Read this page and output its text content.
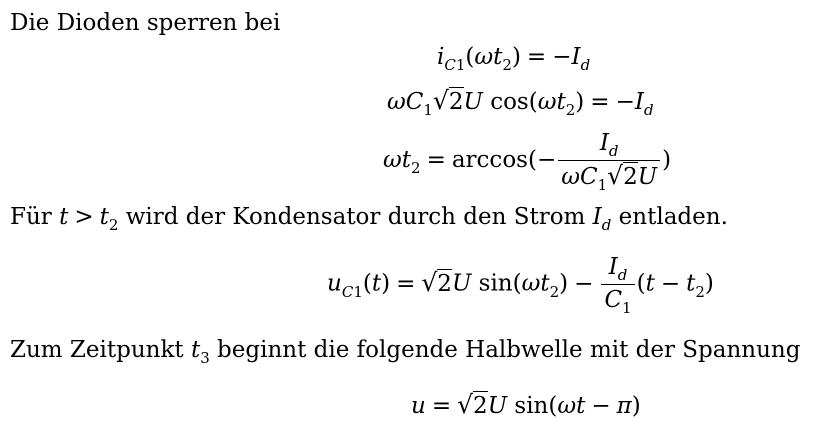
Die Dioden sperren bei
$i_{C1}(\omega t_2) = -I_d$
$\omega C_1√2U$ $\cos(\omega t_2) = -I_d$
$\omega t_2 = \arccos(- \frac{I_d}{\omega C_1√2U}$ )
Für $t > t_2$ wird der Kondensator durch den Strom $I_d$ entladen.
$u_{C1}(t) = √2U$ $\sin(\omega t_2) - \frac{I_d}{C_1} (t - t_2)$
Zum Zeitpunkt $t_3$ beginnt die folgende Halbwelle mit der Spannung
u = √2U sin(ωt − π)
